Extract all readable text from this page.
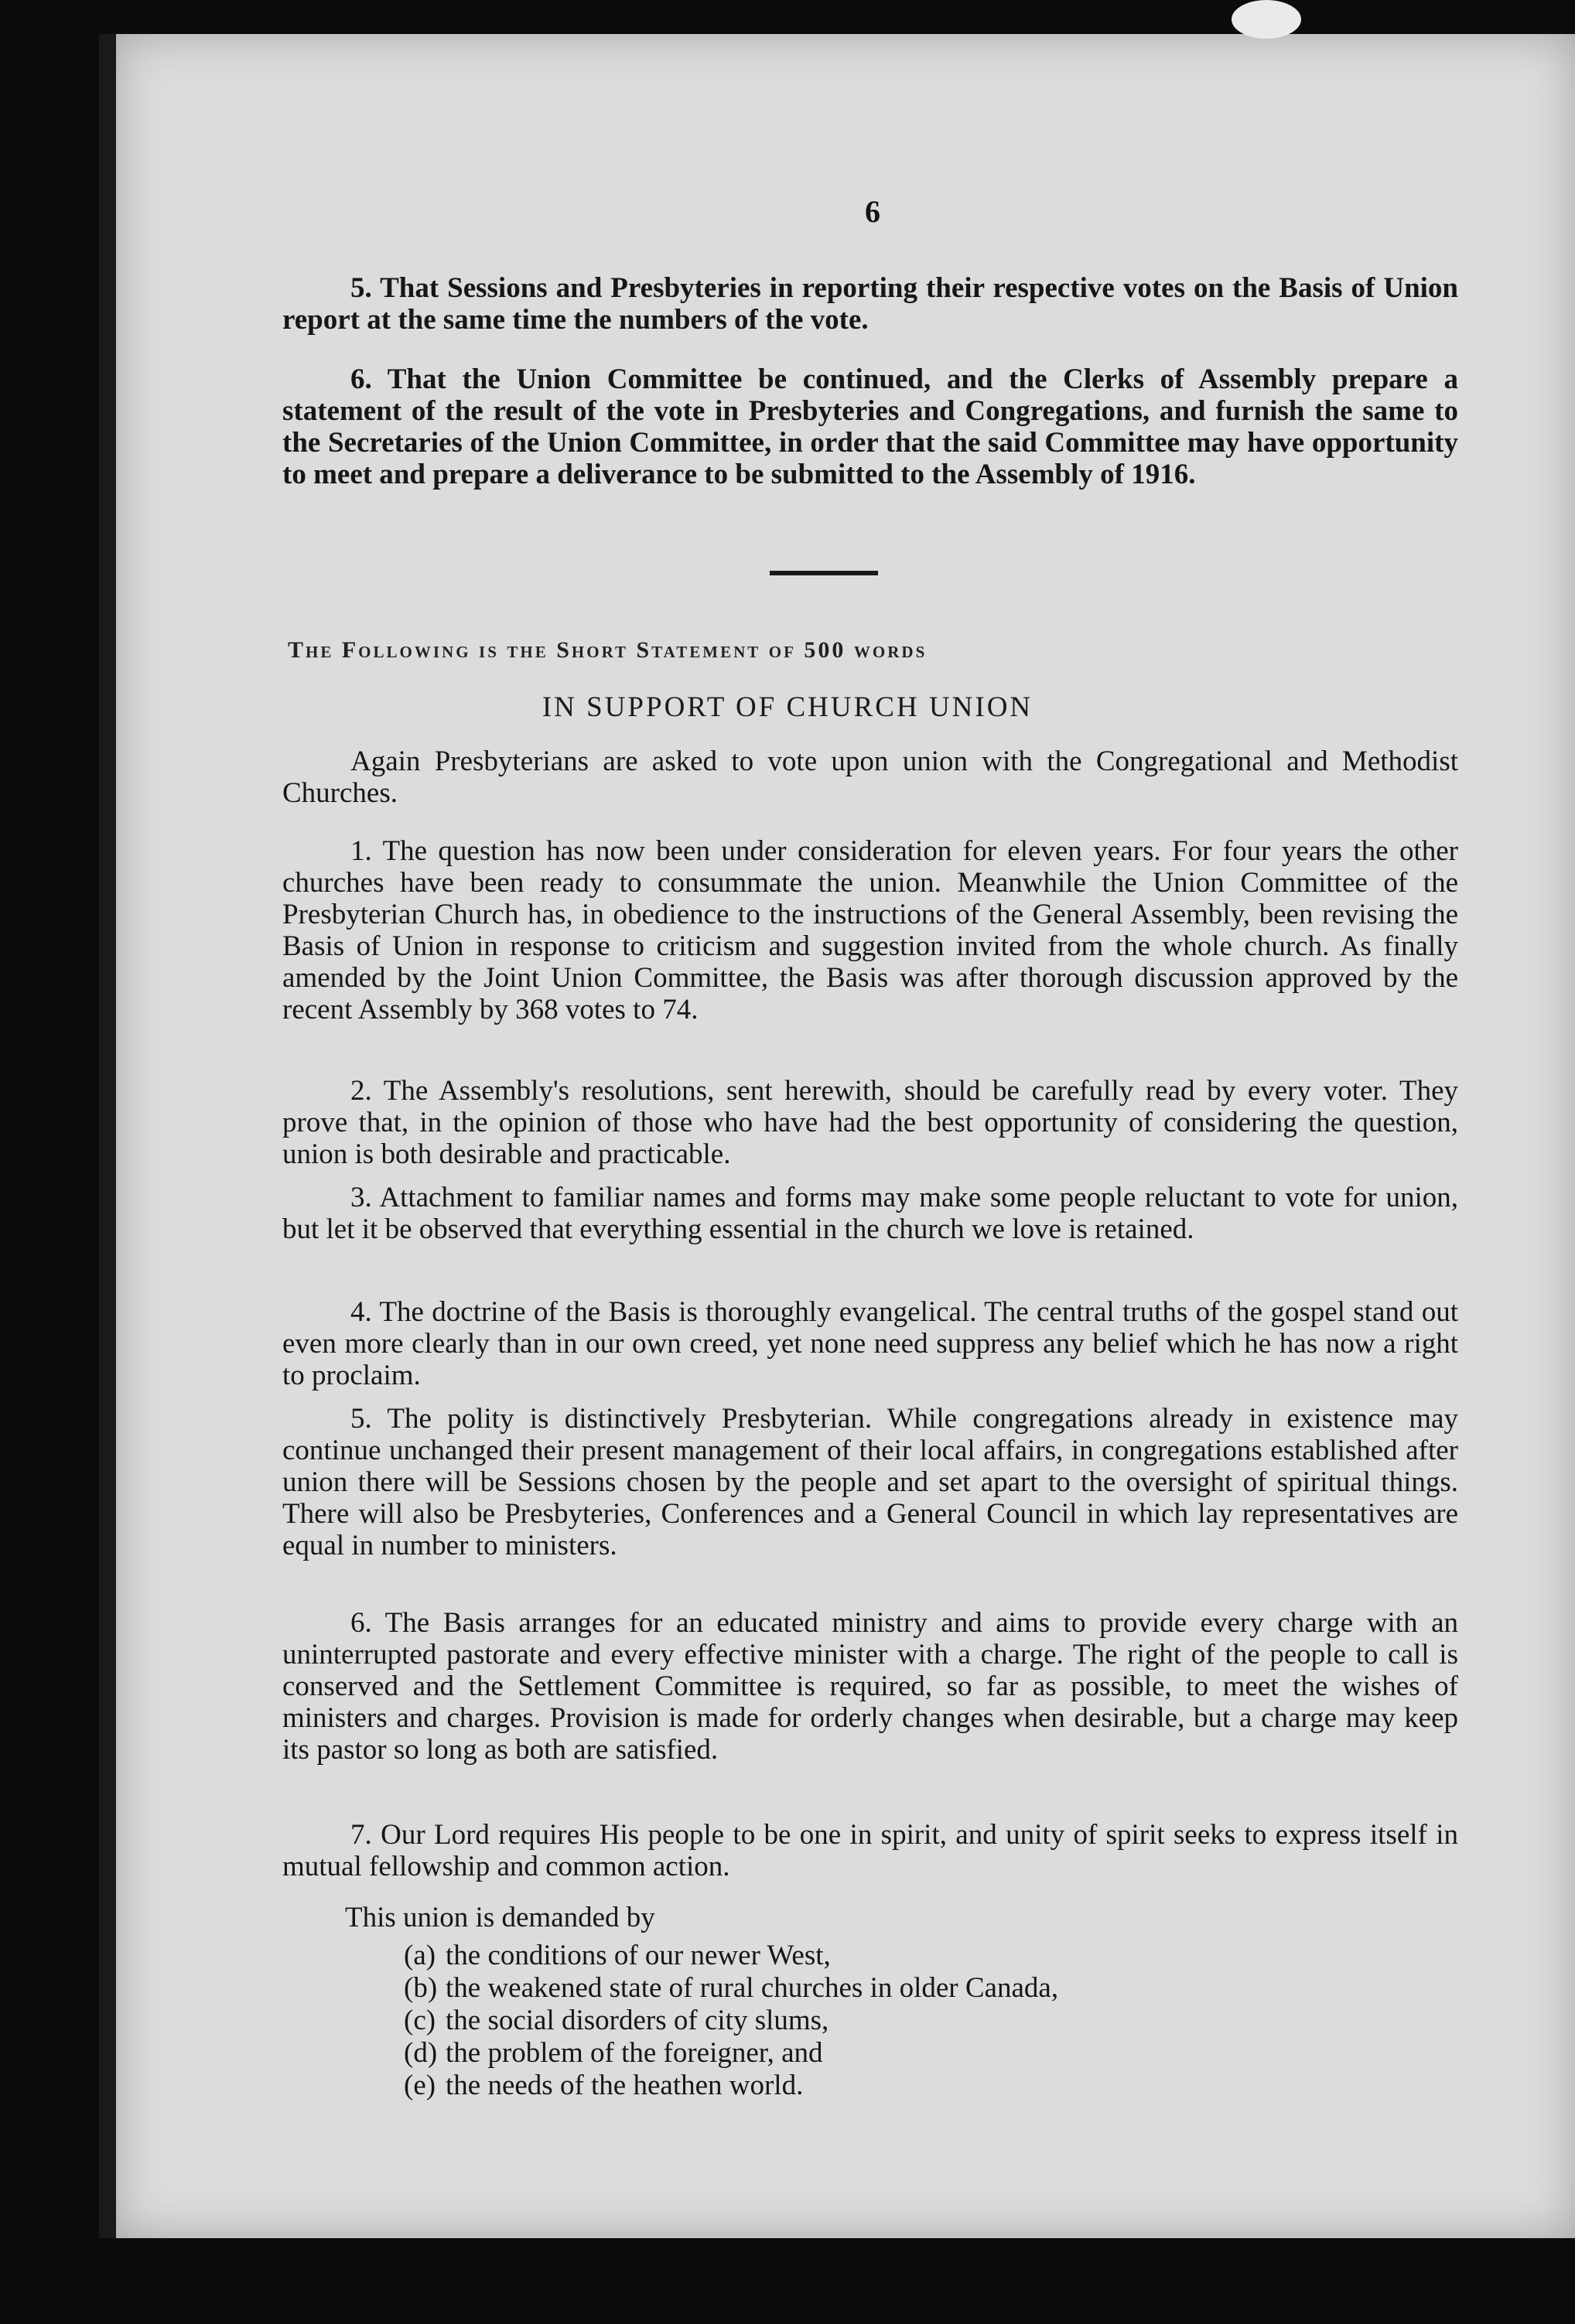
6
5. That Sessions and Presbyteries in reporting their respective votes on the Basis of Union report at the same time the numbers of the vote.
6. That the Union Committee be continued, and the Clerks of Assembly prepare a statement of the result of the vote in Presbyteries and Congregations, and furnish the same to the Secretaries of the Union Committee, in order that the said Committee may have opportunity to meet and prepare a deliverance to be submitted to the Assembly of 1916.
The Following is the Short Statement of 500 words
IN SUPPORT OF CHURCH UNION
Again Presbyterians are asked to vote upon union with the Congregational and Methodist Churches.
1. The question has now been under consideration for eleven years. For four years the other churches have been ready to consummate the union. Meanwhile the Union Committee of the Presbyterian Church has, in obedience to the instructions of the General Assembly, been revising the Basis of Union in response to criticism and suggestion invited from the whole church. As finally amended by the Joint Union Committee, the Basis was after thorough discussion approved by the recent Assembly by 368 votes to 74.
2. The Assembly's resolutions, sent herewith, should be carefully read by every voter. They prove that, in the opinion of those who have had the best opportunity of considering the question, union is both desirable and practicable.
3. Attachment to familiar names and forms may make some people reluctant to vote for union, but let it be observed that everything essential in the church we love is retained.
4. The doctrine of the Basis is thoroughly evangelical. The central truths of the gospel stand out even more clearly than in our own creed, yet none need suppress any belief which he has now a right to proclaim.
5. The polity is distinctively Presbyterian. While congregations already in existence may continue unchanged their present management of their local affairs, in congregations established after union there will be Sessions chosen by the people and set apart to the oversight of spiritual things. There will also be Presbyteries, Conferences and a General Council in which lay representatives are equal in number to ministers.
6. The Basis arranges for an educated ministry and aims to provide every charge with an uninterrupted pastorate and every effective minister with a charge. The right of the people to call is conserved and the Settlement Committee is required, so far as possible, to meet the wishes of ministers and charges. Provision is made for orderly changes when desirable, but a charge may keep its pastor so long as both are satisfied.
7. Our Lord requires His people to be one in spirit, and unity of spirit seeks to express itself in mutual fellowship and common action.
This union is demanded by
(a) the conditions of our newer West,
(b) the weakened state of rural churches in older Canada,
(c) the social disorders of city slums,
(d) the problem of the foreigner, and
(e) the needs of the heathen world.
